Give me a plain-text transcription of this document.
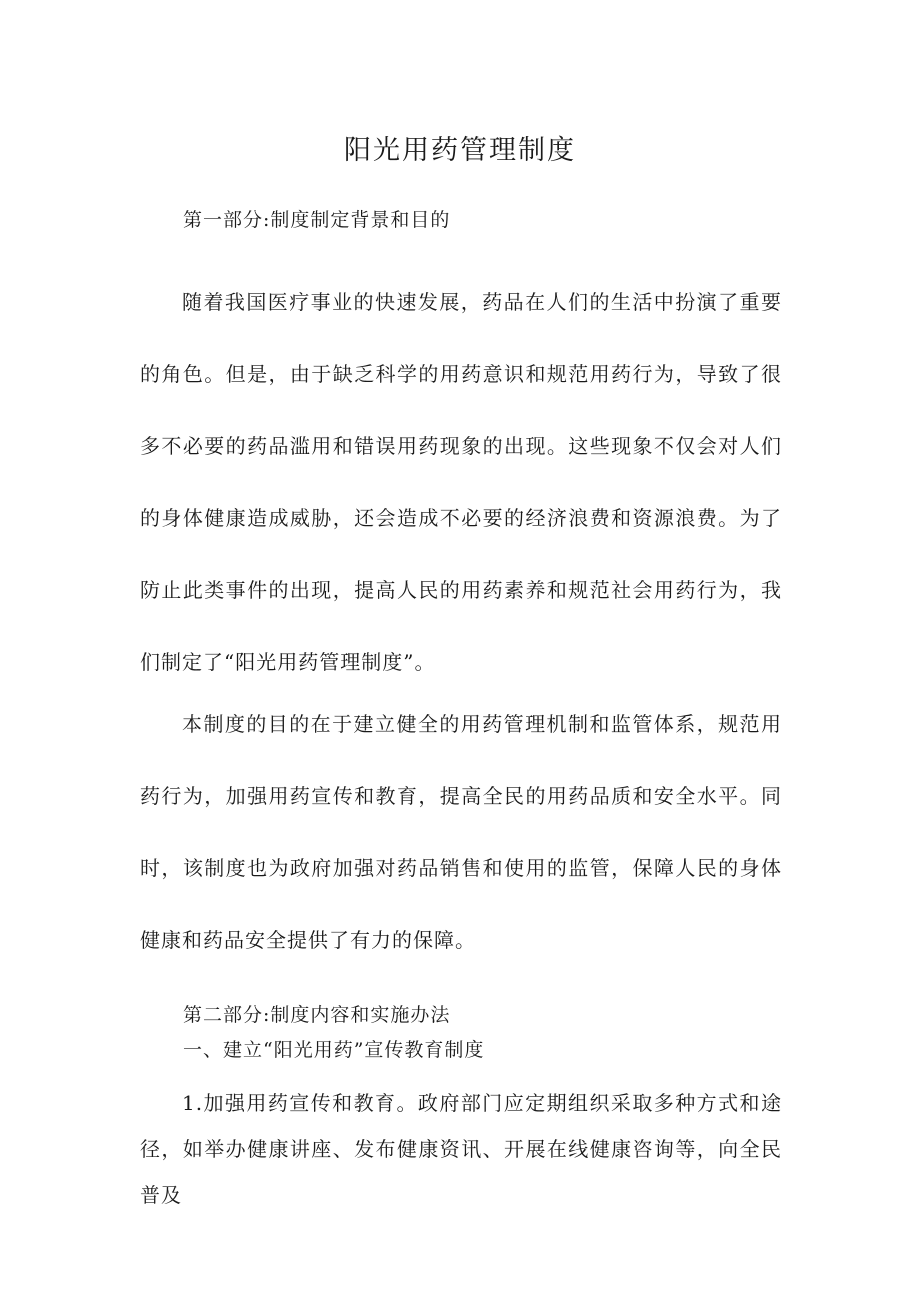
阳光用药管理制度

第一部分:制度制定背景和目的

随着我国医疗事业的快速发展，药品在人们的生活中扮演了重要的角色。但是，由于缺乏科学的用药意识和规范用药行为，导致了很多不必要的药品滥用和错误用药现象的出现。这些现象不仅会对人们的身体健康造成威胁，还会造成不必要的经济浪费和资源浪费。为了防止此类事件的出现，提高人民的用药素养和规范社会用药行为，我们制定了“阳光用药管理制度”。

本制度的目的在于建立健全的用药管理机制和监管体系，规范用药行为，加强用药宣传和教育，提高全民的用药品质和安全水平。同时，该制度也为政府加强对药品销售和使用的监管，保障人民的身体健康和药品安全提供了有力的保障。

第二部分:制度内容和实施办法

一、建立“阳光用药”宣传教育制度

1.加强用药宣传和教育。政府部门应定期组织采取多种方式和途径，如举办健康讲座、发布健康资讯、开展在线健康咨询等，向全民普及
